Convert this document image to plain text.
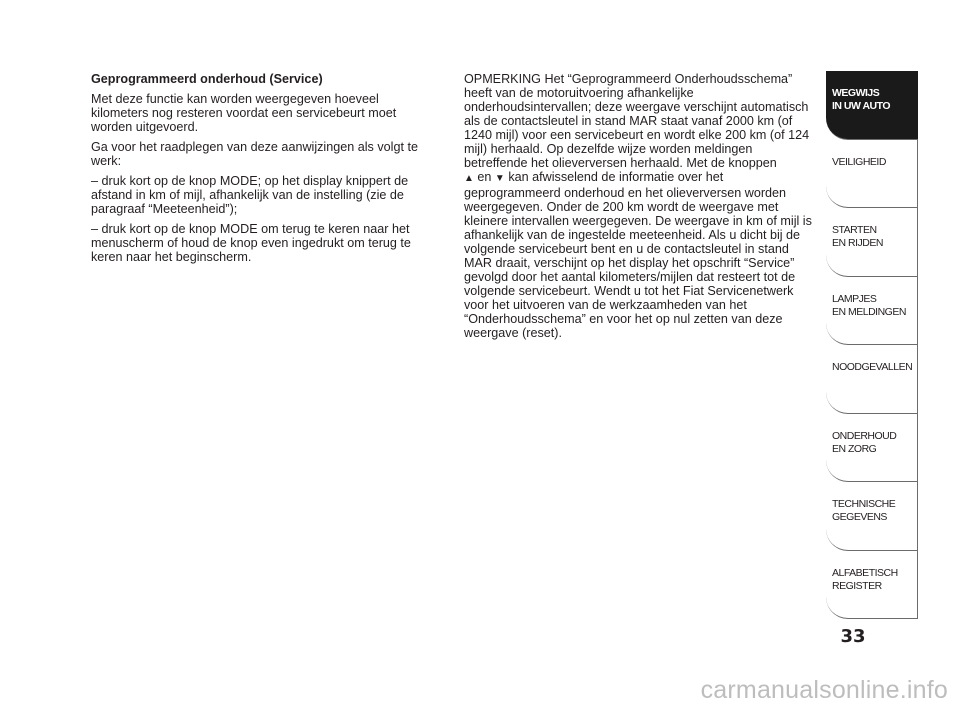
Geprogrammeerd onderhoud (Service)

Met deze functie kan worden weergegeven hoeveel kilometers nog resteren voordat een servicebeurt moet worden uitgevoerd.

Ga voor het raadplegen van deze aanwijzingen als volgt te werk:

– druk kort op de knop MODE; op het display knippert de afstand in km of mijl, afhankelijk van de instelling (zie de paragraaf “Meeteenheid”);

– druk kort op de knop MODE om terug te keren naar het menuscherm of houd de knop even ingedrukt om terug te keren naar het beginscherm.

OPMERKING Het “Geprogrammeerd Onderhoudsschema” heeft van de motoruitvoering afhankelijke onderhoudsintervallen; deze weergave verschijnt automatisch als de contactsleutel in stand MAR staat vanaf 2000 km (of 1240 mijl) voor een servicebeurt en wordt elke 200 km (of 124 mijl) herhaald. Op dezelfde wijze worden meldingen betreffende het olieverversen herhaald. Met de knoppen
▲ en ▼ kan afwisselend de informatie over het geprogrammeerd onderhoud en het olieverversen worden weergegeven. Onder de 200 km wordt de weergave met kleinere intervallen weergegeven. De weergave in km of mijl is afhankelijk van de ingestelde meeteenheid. Als u dicht bij de volgende servicebeurt bent en u de contactsleutel in stand MAR draait, verschijnt op het display het opschrift “Service” gevolgd door het aantal kilometers/mijlen dat resteert tot de volgende servicebeurt. Wendt u tot het Fiat Servicenetwerk voor het uitvoeren van de werkzaamheden van het “Onderhoudsschema” en voor het op nul zetten van deze weergave (reset).

WEGWIJS
IN UW AUTO
VEILIGHEID
STARTEN
EN RIJDEN
LAMPJES
EN MELDINGEN
NOODGEVALLEN
ONDERHOUD
EN ZORG
TECHNISCHE
GEGEVENS
ALFABETISCH
REGISTER
33
carmanualsonline.info
